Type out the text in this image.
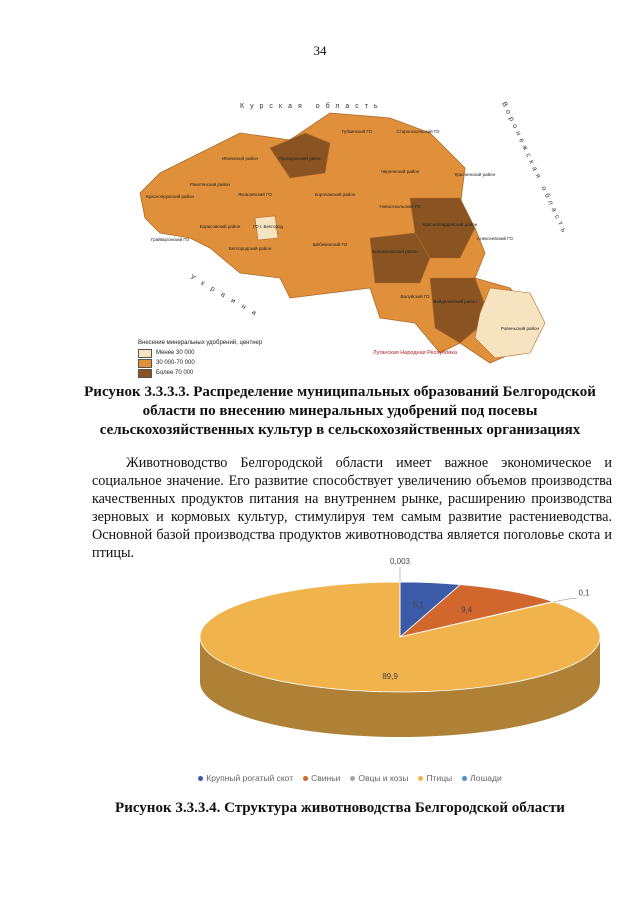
34
Курская область	Воронежская область
Украина
Губкинский ГО	Старооскольский ГО
Ивнянский район	Прохоровский район
Ракитянский район
Чернянский район
Красненский район
Краснояружский район	Яковлевский ГО	Корочанский район
Новооскольский ГО
Борисовский район	ГО г. Белгород	Красногвардейский район
Грайворонский ГО
Белгородский район
Шебекинский ГО
Алексеевский ГО
Волоконовский район
Валуйский ГО
Вейделевский район
Ровеньский район
Луганская Народная Республика
Внесение минеральных удобрений, центнер
Менее 30 000
30 000-70 000
Более 70 000
Рисунок 3.3.3.3. Распределение муниципальных образований Белгородской области по внесению минеральных удобрений под посевы сельскохозяйственных культур в сельскохозяйственных организациях

Животноводство Белгородской области имеет важное экономическое и социальное значение. Его развитие способствует увеличению объемов производства качественных продуктов питания на внутреннем рынке, расширению производства зерновых и кормовых культур, стимулируя тем самым развитие растениеводства. Основной базой производства продуктов животноводства является поголовье скота и птицы.

5,1
9,4
0,1
89,9
0,003
Крупный рогатый скот	Свиньи	Овцы и козы	Птицы	Лошади
Рисунок 3.3.3.4. Структура животноводства Белгородской области
